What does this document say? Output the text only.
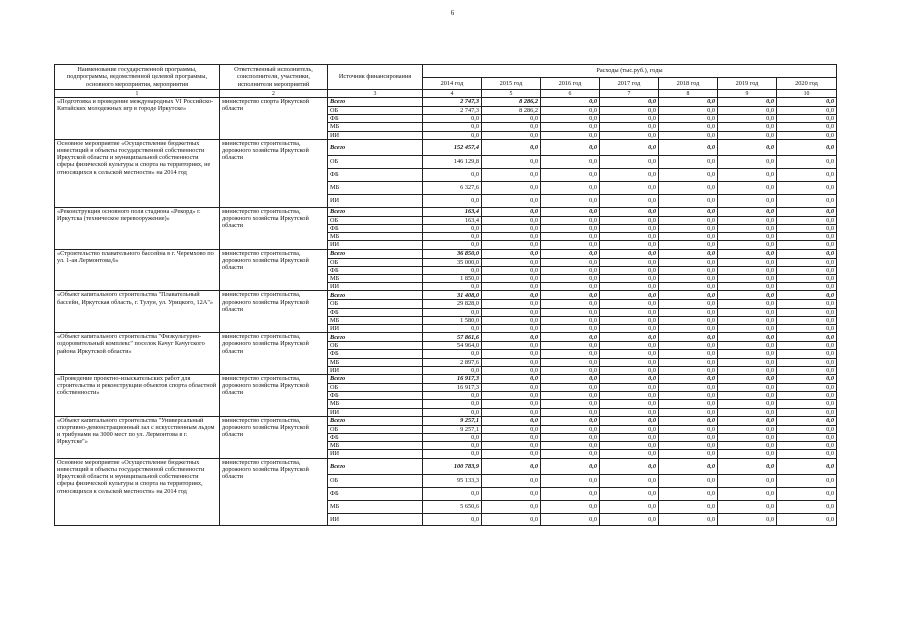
6
Наименование государственной программы, подпрограммы, ведомственной целевой программы, основного мероприятия, мероприятия	Ответственный исполнитель, соисполнители, участники, исполнители мероприятий	Источник финансирования	Расходы (тыс.руб.), годы						
			2014 год	2015 год	2016 год	2017 год	2018 год	2019 год	2020 год
1	2	3	4	5	6	7	8	9	10
«Подготовка и проведение международных VI Российско-Китайских молодежных игр в городе Иркутске»	министерство спорта Иркутской области	Всего	2 747,3	8 286,2	0,0	0,0	0,0	0,0	0,0
		ОБ	2 747,3	8 286,2	0,0	0,0	0,0	0,0	0,0
		ФБ	0,0	0,0	0,0	0,0	0,0	0,0	0,0
		МБ	0,0	0,0	0,0	0,0	0,0	0,0	0,0
		ИИ	0,0	0,0	0,0	0,0	0,0	0,0	0,0
Основное мероприятие «Осуществление бюджетных инвестиций в объекты государственной собственности Иркутской области и муниципальной собственности сферы физической культуры и спорта на территориях, не относящихся к сельской местности» на 2014 год	министерство строительства, дорожного хозяйства Иркутской области	Всего	152 457,4	0,0	0,0	0,0	0,0	0,0	0,0
		ОБ	146 129,8	0,0	0,0	0,0	0,0	0,0	0,0
		ФБ	0,0	0,0	0,0	0,0	0,0	0,0	0,0
		МБ	6 327,6	0,0	0,0	0,0	0,0	0,0	0,0
		ИИ	0,0	0,0	0,0	0,0	0,0	0,0	0,0
«Реконструкция основного поля стадиона «Рекорд» г. Иркутска (техническое перевооружение)»	министерство строительства, дорожного хозяйства Иркутской области	Всего	163,4	0,0	0,0	0,0	0,0	0,0	0,0
		ОБ	163,4	0,0	0,0	0,0	0,0	0,0	0,0
		ФБ	0,0	0,0	0,0	0,0	0,0	0,0	0,0
		МБ	0,0	0,0	0,0	0,0	0,0	0,0	0,0
		ИИ	0,0	0,0	0,0	0,0	0,0	0,0	0,0
«Строительство плавательного бассейна в г. Черемхово по ул. 1-ая Лермонтова,6»	министерство строительства, дорожного хозяйства Иркутской области	Всего	36 850,0	0,0	0,0	0,0	0,0	0,0	0,0
		ОБ	35 000,0	0,0	0,0	0,0	0,0	0,0	0,0
		ФБ	0,0	0,0	0,0	0,0	0,0	0,0	0,0
		МБ	1 850,0	0,0	0,0	0,0	0,0	0,0	0,0
		ИИ	0,0	0,0	0,0	0,0	0,0	0,0	0,0
«Объект капитального строительства "Плавательный бассейн, Иркутская область, г. Тулун, ул. Урицкого, 12А"»	министерство строительства, дорожного хозяйства Иркутской области	Всего	31 408,0	0,0	0,0	0,0	0,0	0,0	0,0
		ОБ	29 828,0	0,0	0,0	0,0	0,0	0,0	0,0
		ФБ	0,0	0,0	0,0	0,0	0,0	0,0	0,0
		МБ	1 580,0	0,0	0,0	0,0	0,0	0,0	0,0
		ИИ	0,0	0,0	0,0	0,0	0,0	0,0	0,0
«Объект капитального строительства "Физкультурно-оздоровительный комплекс" поселок Качуг Качугского района Иркутской области»	министерство строительства, дорожного хозяйства Иркутской области	Всего	57 861,6	0,0	0,0	0,0	0,0	0,0	0,0
		ОБ	54 964,0	0,0	0,0	0,0	0,0	0,0	0,0
		ФБ	0,0	0,0	0,0	0,0	0,0	0,0	0,0
		МБ	2 897,6	0,0	0,0	0,0	0,0	0,0	0,0
		ИИ	0,0	0,0	0,0	0,0	0,0	0,0	0,0
«Проведение проектно-изыскательских работ для строительства и реконструкции объектов спорта областной собственности»	министерство строительства, дорожного хозяйства Иркутской области	Всего	16 917,3	0,0	0,0	0,0	0,0	0,0	0,0
		ОБ	16 917,3	0,0	0,0	0,0	0,0	0,0	0,0
		ФБ	0,0	0,0	0,0	0,0	0,0	0,0	0,0
		МБ	0,0	0,0	0,0	0,0	0,0	0,0	0,0
		ИИ	0,0	0,0	0,0	0,0	0,0	0,0	0,0
«Объект капитального строительства "Универсальный спортивно-демонстрационный зал с искусственным льдом и трибунами на 3000 мест по ул. Лермонтова в г. Иркутске"»	министерство строительства, дорожного хозяйства Иркутской области	Всего	9 257,1	0,0	0,0	0,0	0,0	0,0	0,0
		ОБ	9 257,1	0,0	0,0	0,0	0,0	0,0	0,0
		ФБ	0,0	0,0	0,0	0,0	0,0	0,0	0,0
		МБ	0,0	0,0	0,0	0,0	0,0	0,0	0,0
		ИИ	0,0	0,0	0,0	0,0	0,0	0,0	0,0
Основное мероприятие «Осуществление бюджетных инвестиций в объекты государственной собственности Иркутской области и муниципальной собственности сферы физической культуры и спорта на территориях, относящихся к сельской местности» на 2014 год	министерство строительства, дорожного хозяйства Иркутской области	Всего	100 783,9	0,0	0,0	0,0	0,0	0,0	0,0
		ОБ	95 133,3	0,0	0,0	0,0	0,0	0,0	0,0
		ФБ	0,0	0,0	0,0	0,0	0,0	0,0	0,0
		МБ	5 650,6	0,0	0,0	0,0	0,0	0,0	0,0
		ИИ	0,0	0,0	0,0	0,0	0,0	0,0	0,0
